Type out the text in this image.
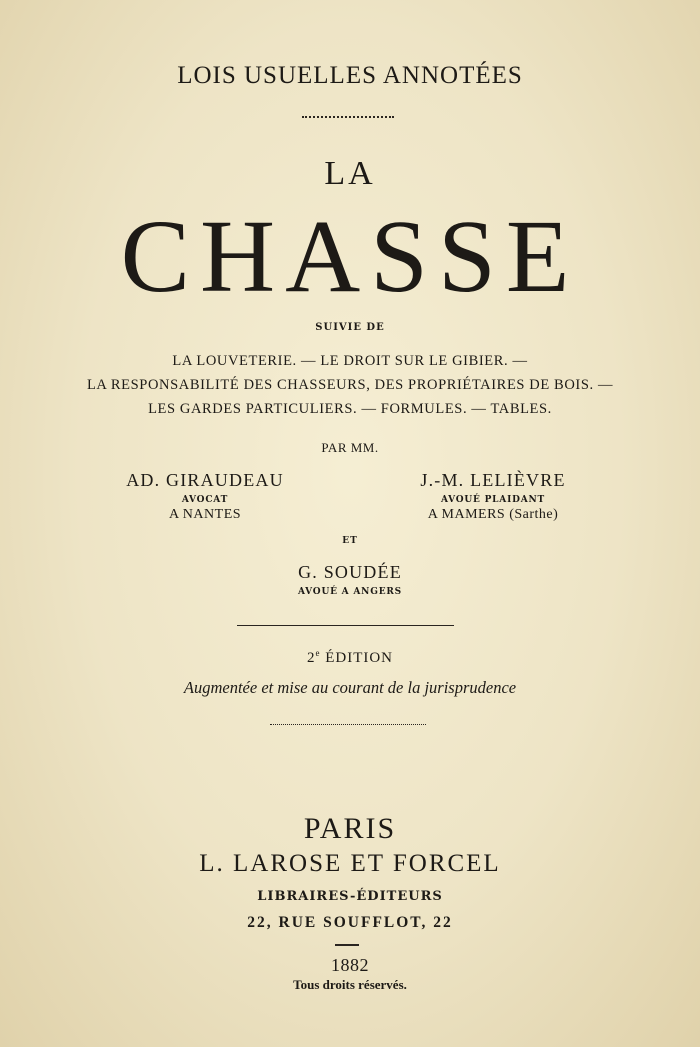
LOIS USUELLES ANNOTÉES
LA
CHASSE
SUIVIE DE
LA LOUVETERIE. — LE DROIT SUR LE GIBIER. —
LA RESPONSABILITÉ DES CHASSEURS, DES PROPRIÉTAIRES DE BOIS. —
LES GARDES PARTICULIERS. — FORMULES. — TABLES.
PAR MM.
AD. GIRAUDEAU
AVOCAT
A NANTES
J.-M. LELIÈVRE
AVOUÉ PLAIDANT
A MAMERS (Sarthe)
ET
G. SOUDÉE
AVOUÉ A ANGERS
2e ÉDITION
Augmentée et mise au courant de la jurisprudence
PARIS
L. LAROSE ET FORCEL
LIBRAIRES-ÉDITEURS
22, RUE SOUFFLOT, 22
1882
Tous droits réservés.
